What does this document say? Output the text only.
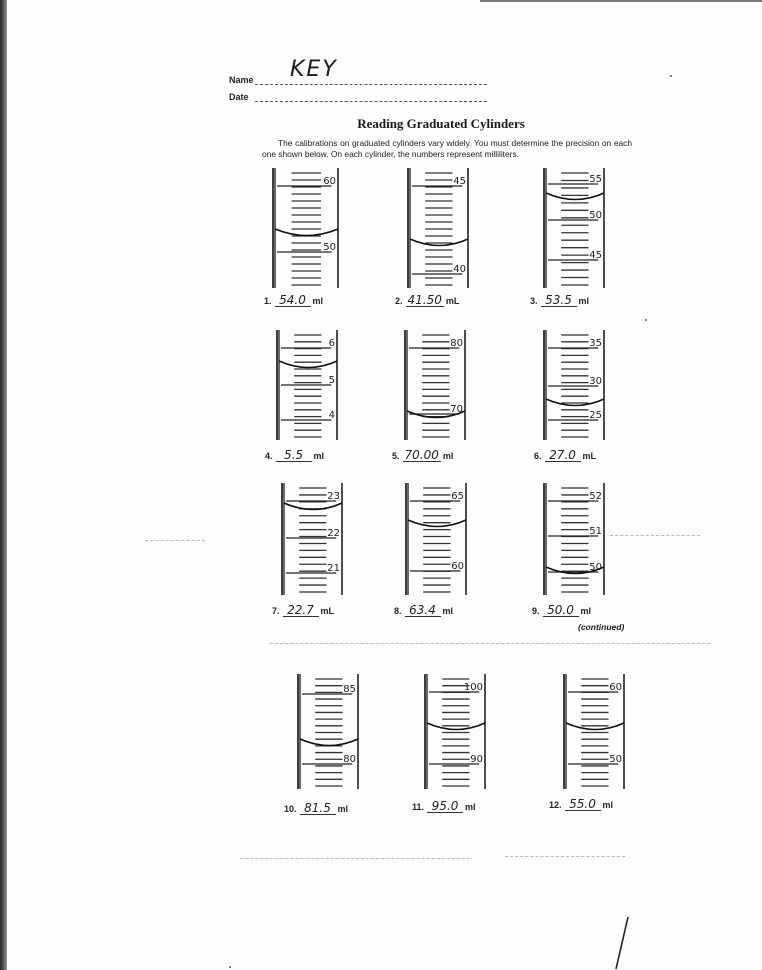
Name KEY
Date
Reading Graduated Cylinders
The calibrations on graduated cylinders vary widely. You must determine the precision on each one shown below. On each cylinder, the numbers represent milliliters.
60
50
1. 54.0 ml
45
40
2. 41.50 mL
55
50
45
3. 53.5 ml
6
5
4
4. 5.5 ml
80
70
5. 70.00 ml
35
30
25
6. 27.0 mL
23
22
21
7. 22.7 mL
65
60
8. 63.4 ml
52
51
50
9. 50.0 ml
85
80
10. 81.5 ml
100
90
11. 95.0 ml
60
50
12. 55.0 ml
(continued)
